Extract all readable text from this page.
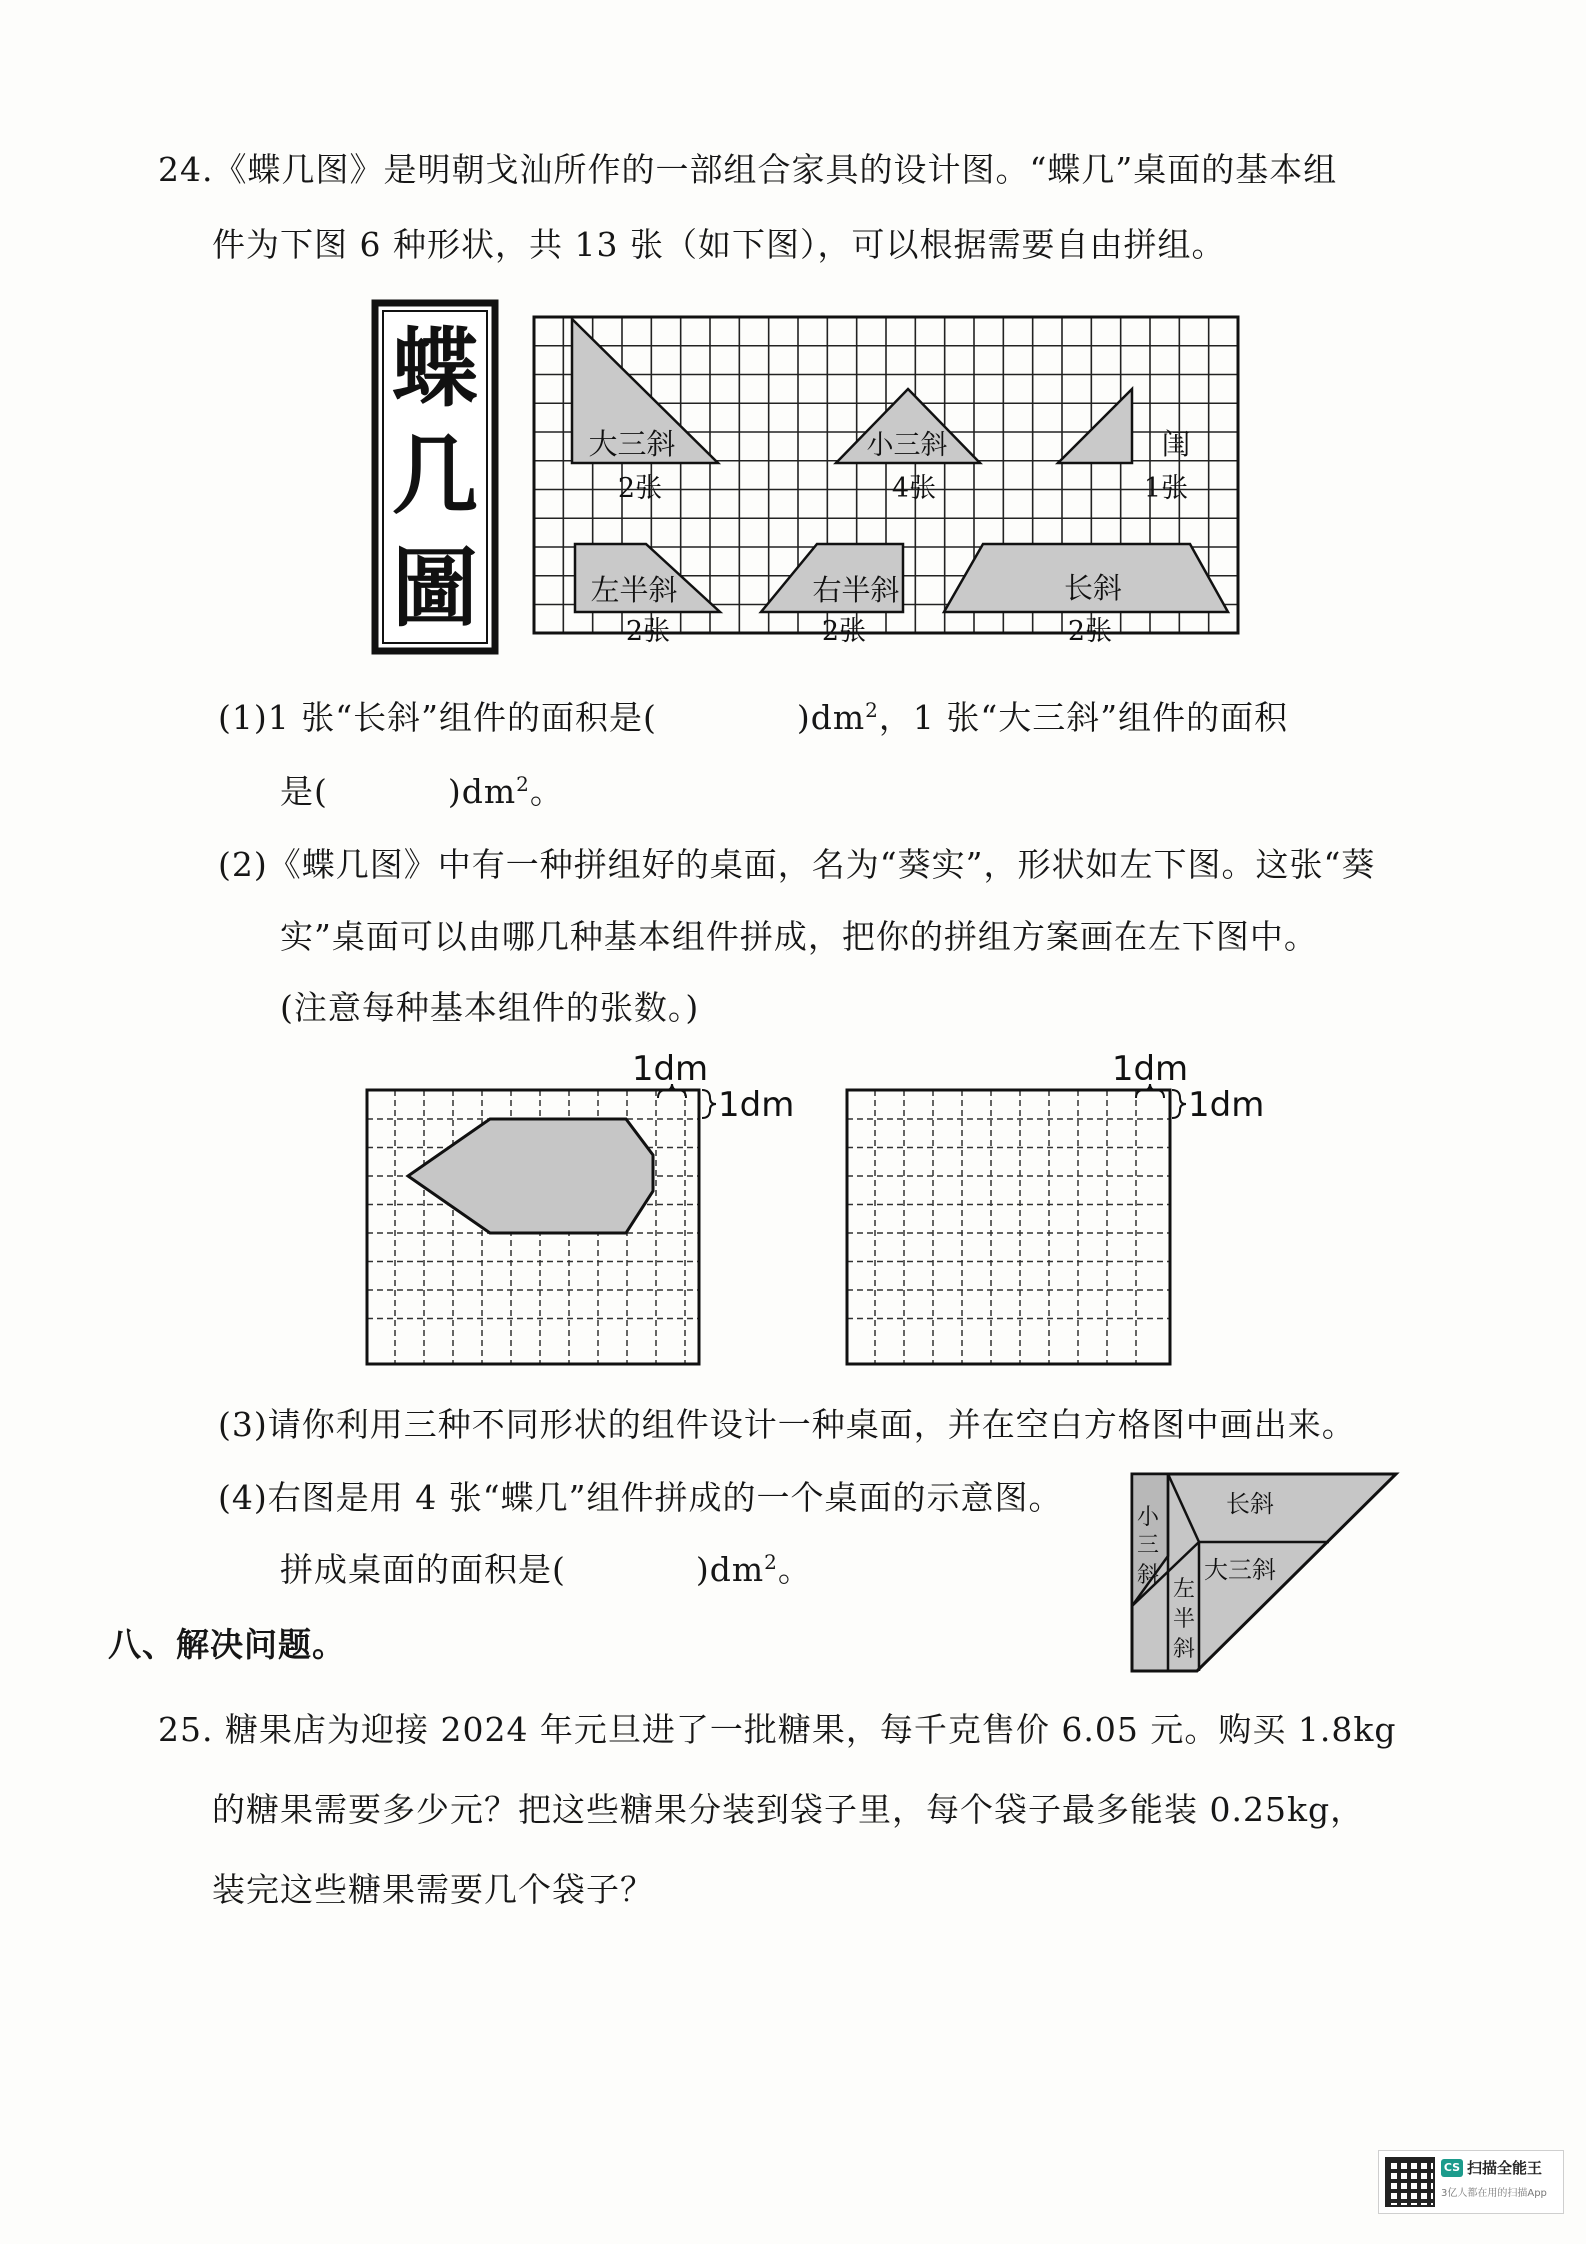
24.《蝶几图》是明朝戈汕所作的一部组合家具的设计图。“蝶几”桌面的基本组
件为下图 6 种形状，共 13 张（如下图），可以根据需要自由拼组。
蝶
几
圖
大三斜
2张
小三斜
4张
闺
1张
左半斜
2张
右半斜
2张
长斜
2张
(1)1 张“长斜”组件的面积是(	)$dm^2$，1 张“大三斜”组件的面积
是(	)$dm^2$。
(2)《蝶几图》中有一种拼组好的桌面，名为“葵实”，形状如左下图。这张“葵
实”桌面可以由哪几种基本组件拼成，把你的拼组方案画在左下图中。
(注意每种基本组件的张数。)
1dm
1dm
1dm
1dm
(3)请你利用三种不同形状的组件设计一种桌面，并在空白方格图中画出来。
(4)右图是用 4 张“蝶几”组件拼成的一个桌面的示意图。
拼成桌面的面积是(	)$dm^2$。
小
三
斜
长斜
大三斜
左
半
斜
八、解决问题。
25. 糖果店为迎接 2024 年元旦进了一批糖果，每千克售价 6.05 元。购买 1.8kg
的糖果需要多少元？把这些糖果分装到袋子里，每个袋子最多能装 0.25kg，
装完这些糖果需要几个袋子？
CS 扫描全能王
3亿人都在用的扫描App
